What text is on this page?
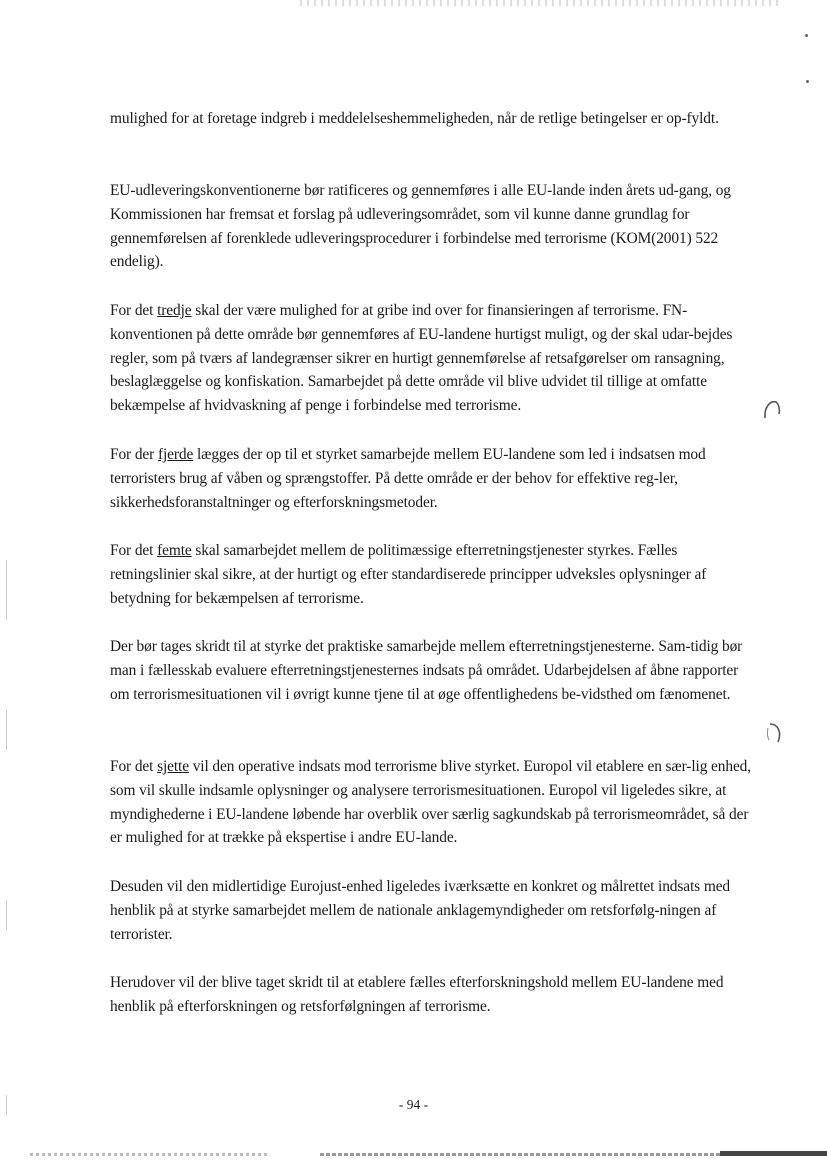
mulighed for at foretage indgreb i meddelelseshemmeligheden, når de retlige betingelser er op-fyldt.

EU-udleveringskonventionerne bør ratificeres og gennemføres i alle EU-lande inden årets ud-gang, og Kommissionen har fremsat et forslag på udleveringsområdet, som vil kunne danne grundlag for gennemførelsen af forenklede udleveringsprocedurer i forbindelse med terrorisme (KOM(2001) 522 endelig).

For det tredje skal der være mulighed for at gribe ind over for finansieringen af terrorisme. FN-konventionen på dette område bør gennemføres af EU-landene hurtigst muligt, og der skal udar-bejdes regler, som på tværs af landegrænser sikrer en hurtigt gennemførelse af retsafgørelser om ransagning, beslaglæggelse og konfiskation. Samarbejdet på dette område vil blive udvidet til tillige at omfatte bekæmpelse af hvidvaskning af penge i forbindelse med terrorisme.

For der fjerde lægges der op til et styrket samarbejde mellem EU-landene som led i indsatsen mod terroristers brug af våben og sprængstoffer. På dette område er der behov for effektive reg-ler, sikkerhedsforanstaltninger og efterforskningsmetoder.

For det femte skal samarbejdet mellem de politimæssige efterretningstjenester styrkes. Fælles retningslinier skal sikre, at der hurtigt og efter standardiserede principper udveksles oplysninger af betydning for bekæmpelsen af terrorisme.

Der bør tages skridt til at styrke det praktiske samarbejde mellem efterretningstjenesterne. Sam-tidig bør man i fællesskab evaluere efterretningstjenesternes indsats på området. Udarbejdelsen af åbne rapporter om terrorismesituationen vil i øvrigt kunne tjene til at øge offentlighedens be-vidsthed om fænomenet.

For det sjette vil den operative indsats mod terrorisme blive styrket. Europol vil etablere en sær-lig enhed, som vil skulle indsamle oplysninger og analysere terrorismesituationen. Europol vil ligeledes sikre, at myndighederne i EU-landene løbende har overblik over særlig sagkundskab på terrorismeområdet, så der er mulighed for at trække på ekspertise i andre EU-lande.

Desuden vil den midlertidige Eurojust-enhed ligeledes iværksætte en konkret og målrettet indsats med henblik på at styrke samarbejdet mellem de nationale anklagemyndigheder om retsforfølg-ningen af terrorister.

Herudover vil der blive taget skridt til at etablere fælles efterforskningshold mellem EU-landene med henblik på efterforskningen og retsforfølgningen af terrorisme.

- 94 -
